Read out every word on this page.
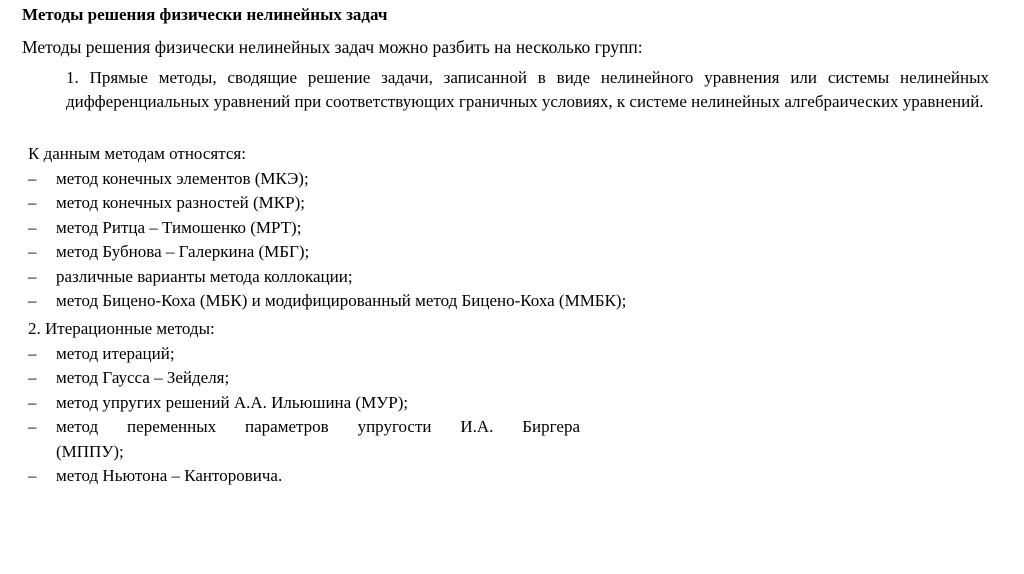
Методы решения физически нелинейных задач
Методы решения физически нелинейных задач можно разбить на несколько групп:
1. Прямые методы, сводящие решение задачи, записанной в виде нелинейного уравнения или системы нелинейных дифференциальных уравнений при соответствующих граничных условиях, к системе нелинейных алгебраических уравнений.
К данным методам относятся:
– метод конечных элементов (МКЭ);
– метод конечных разностей (МКР);
– метод Ритца – Тимошенко (МРТ);
– метод Бубнова – Галеркина (МБГ);
– различные варианты метода коллокации;
– метод Бицено-Коха (МБК) и модифицированный метод Бицено-Коха (ММБК);
2. Итерационные методы:
– метод итераций;
– метод Гаусса – Зейделя;
– метод упругих решений А.А. Ильюшина (МУР);
– метод переменных параметров упругости И.А. Биргера
(МППУ);
– метод Ньютона – Канторовича.
